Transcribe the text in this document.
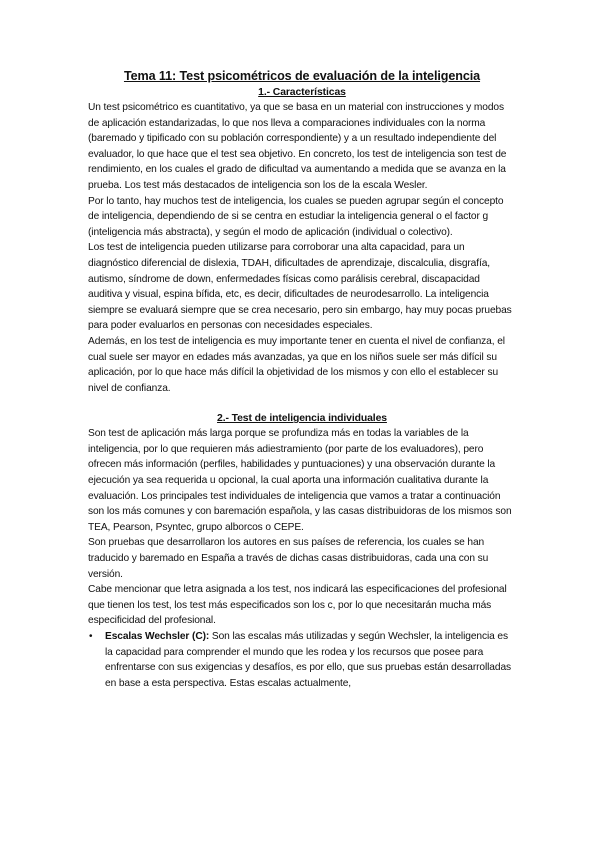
Tema 11: Test psicométricos de evaluación de la inteligencia
1.- Características

Un test psicométrico es cuantitativo, ya que se basa en un material con instrucciones y modos de aplicación estandarizadas, lo que nos lleva a comparaciones individuales con la norma (baremado y tipificado con su población correspondiente) y a un resultado independiente del evaluador, lo que hace que el test sea objetivo. En concreto, los test de inteligencia son test de rendimiento, en los cuales el grado de dificultad va aumentando a medida que se avanza en la prueba. Los test más destacados de inteligencia son los de la escala Wesler.

Por lo tanto, hay muchos test de inteligencia, los cuales se pueden agrupar según el concepto de inteligencia, dependiendo de si se centra en estudiar la inteligencia general o el factor g (inteligencia más abstracta), y según el modo de aplicación (individual o colectivo).

Los test de inteligencia pueden utilizarse para corroborar una alta capacidad, para un diagnóstico diferencial de dislexia, TDAH, dificultades de aprendizaje, discalculia, disgrafía, autismo, síndrome de down, enfermedades físicas como parálisis cerebral, discapacidad auditiva y visual, espina bífida, etc, es decir, dificultades de neurodesarrollo. La inteligencia siempre se evaluará siempre que se crea necesario, pero sin embargo, hay muy pocas pruebas para poder evaluarlos en personas con necesidades especiales.

Además, en los test de inteligencia es muy importante tener en cuenta el nivel de confianza, el cual suele ser mayor en edades más avanzadas, ya que en los niños suele ser más difícil su aplicación, por lo que hace más difícil la objetividad de los mismos y con ello el establecer su nivel de confianza.

2.- Test de inteligencia individuales

Son test de aplicación más larga porque se profundiza más en todas la variables de la inteligencia, por lo que requieren más adiestramiento (por parte de los evaluadores), pero ofrecen más información (perfiles, habilidades y puntuaciones) y una observación durante la ejecución ya sea requerida u opcional, la cual aporta una información cualitativa durante la evaluación. Los principales test individuales de inteligencia que vamos a tratar a continuación son los más comunes y con baremación española, y las casas distribuidoras de los mismos son TEA, Pearson, Psyntec, grupo alborcos o CEPE.

Son pruebas que desarrollaron los autores en sus países de referencia, los cuales se han traducido y baremado en España a través de dichas casas distribuidoras, cada una con su versión.

Cabe mencionar que letra asignada a los test, nos indicará las especificaciones del profesional que tienen los test, los test más especificados son los c, por lo que necesitarán mucha más especificidad del profesional.

• Escalas Wechsler (C): Son las escalas más utilizadas y según Wechsler, la inteligencia es la capacidad para comprender el mundo que les rodea y los recursos que posee para enfrentarse con sus exigencias y desafíos, es por ello, que sus pruebas están desarrolladas en base a esta perspectiva. Estas escalas actualmente,
